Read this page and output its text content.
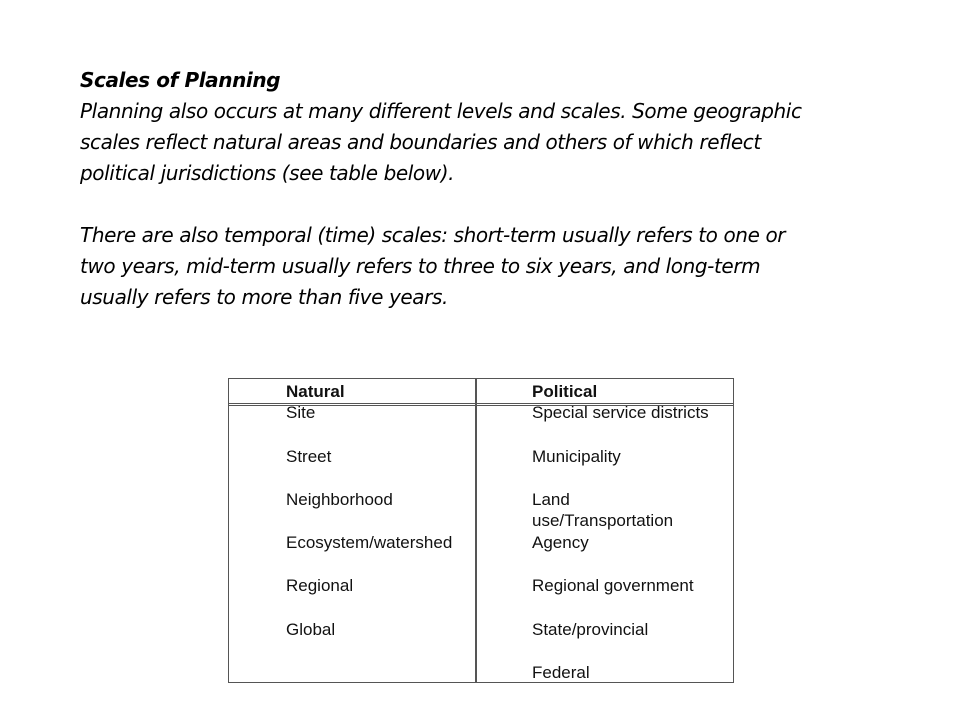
Scales of Planning

Planning also occurs at many different levels and scales. Some geographic
scales reflect natural areas and boundaries and others of which reflect
political jurisdictions (see table below).

There are also temporal (time) scales: short-term usually refers to one or
two years, mid-term usually refers to three to six years, and long-term
usually refers to more than five years.

Natural	Political
Site
Street
Neighborhood
Ecosystem/watershed
Regional
Global
Special service districts
Municipality
Land
use/Transportation
Agency
Regional government
State/provincial
Federal
